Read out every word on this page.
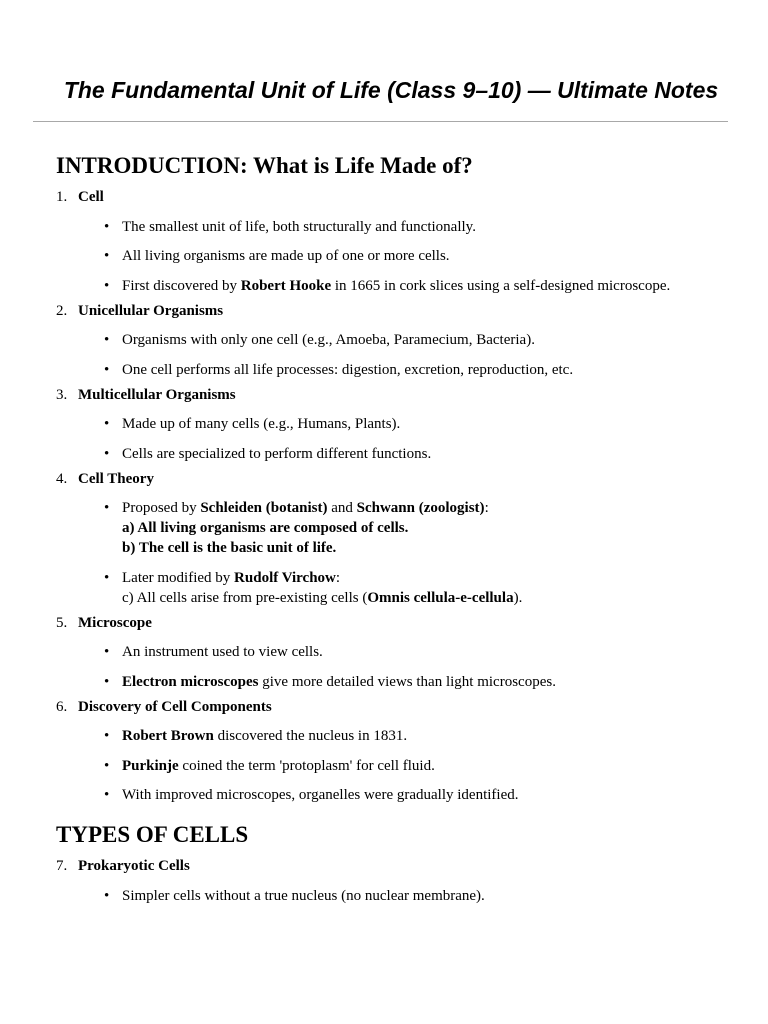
The Fundamental Unit of Life (Class 9–10) — Ultimate Notes
INTRODUCTION: What is Life Made of?
1. Cell
• The smallest unit of life, both structurally and functionally.
• All living organisms are made up of one or more cells.
• First discovered by Robert Hooke in 1665 in cork slices using a self-designed microscope.
2. Unicellular Organisms
• Organisms with only one cell (e.g., Amoeba, Paramecium, Bacteria).
• One cell performs all life processes: digestion, excretion, reproduction, etc.
3. Multicellular Organisms
• Made up of many cells (e.g., Humans, Plants).
• Cells are specialized to perform different functions.
4. Cell Theory
• Proposed by Schleiden (botanist) and Schwann (zoologist):
a) All living organisms are composed of cells.
b) The cell is the basic unit of life.
• Later modified by Rudolf Virchow:
c) All cells arise from pre-existing cells (Omnis cellula-e-cellula).
5. Microscope
• An instrument used to view cells.
• Electron microscopes give more detailed views than light microscopes.
6. Discovery of Cell Components
• Robert Brown discovered the nucleus in 1831.
• Purkinje coined the term 'protoplasm' for cell fluid.
• With improved microscopes, organelles were gradually identified.
TYPES OF CELLS
7. Prokaryotic Cells
• Simpler cells without a true nucleus (no nuclear membrane).
